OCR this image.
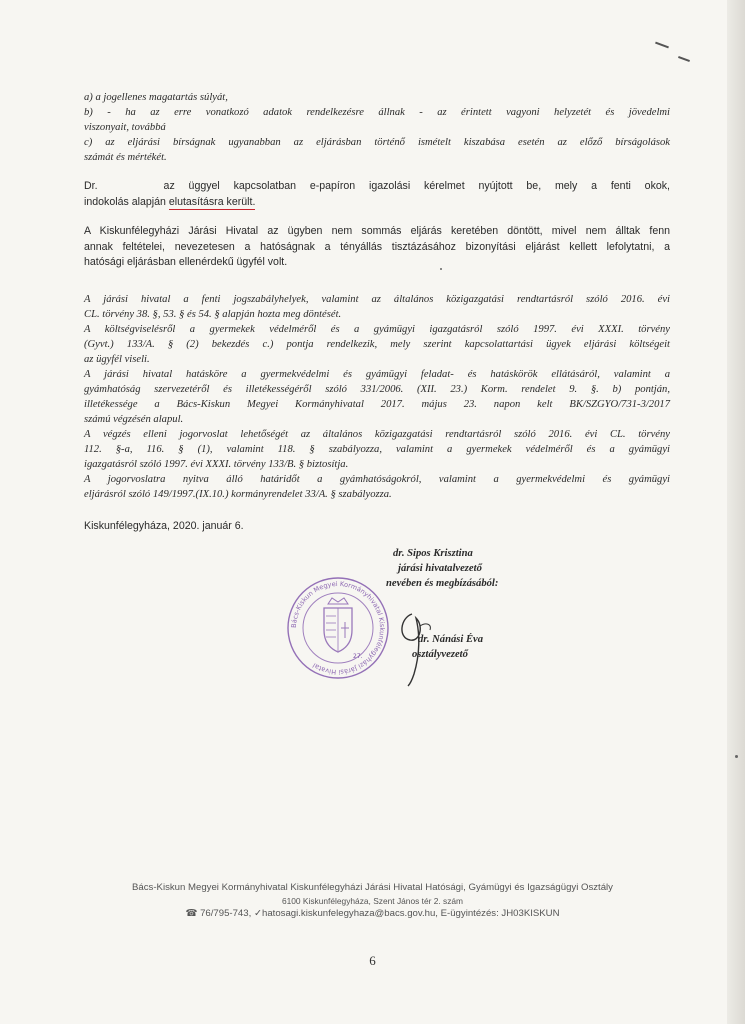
a) a jogellenes magatartás súlyát,
b) - ha az erre vonatkozó adatok rendelkezésre állnak - az érintett vagyoni helyzetét és jövedelmi
viszonyait, továbbá
c) az eljárási bírságnak ugyanabban az eljárásban történő ismételt kiszabása esetén az előző bírságolások
számát és mértékét.
Dr.	az üggyel kapcsolatban e-papíron igazolási kérelmet nyújtott be, mely a fenti okok,
indokolás alapján elutasításra került.
A Kiskunfélegyházi Járási Hivatal az ügyben nem sommás eljárás keretében döntött, mivel nem álltak fenn
annak feltételei, nevezetesen a hatóságnak a tényállás tisztázásához bizonyítási eljárást kellett lefolytatni, a
hatósági eljárásban ellenérdekű ügyfél volt.
A járási hivatal a fenti jogszabályhelyek, valamint az általános közigazgatási rendtartásról szóló 2016. évi
CL. törvény 38. §, 53. § és 54. § alapján hozta meg döntését.
A költségviselésről a gyermekek védelméről és a gyámügyi igazgatásról szóló 1997. évi XXXI. törvény
(Gyvt.) 133/A. § (2) bekezdés c.) pontja rendelkezik, mely szerint kapcsolattartási ügyek eljárási költségeit
az ügyfél viseli.
A járási hivatal hatásköre a gyermekvédelmi és gyámügyi feladat- és hatáskörök ellátásáról, valamint a
gyámhatóság szervezetéről és illetékességéről szóló 331/2006. (XII. 23.) Korm. rendelet 9. §. b) pontján,
illetékessége a Bács-Kiskun Megyei Kormányhivatal 2017. május 23. napon kelt BK/SZGYO/731-3/2017
számú végzésén alapul.
A végzés elleni jogorvoslat lehetőségét az általános közigazgatási rendtartásról szóló 2016. évi CL. törvény
112. §-a, 116. § (1), valamint 118. § szabályozza, valamint a gyermekek védelméről és a gyámügyi
igazgatásról szóló 1997. évi XXXI. törvény 133/B. § biztosítja.
A jogorvoslatra nyitva álló határidőt a gyámhatóságokról, valamint a gyermekvédelmi és gyámügyi
eljárásról szóló 149/1997.(IX.10.) kormányrendelet 33/A. § szabályozza.
Kiskunfélegyháza, 2020. január 6.
dr. Sipos Krisztina
járási hivatalvezető
nevében és megbízásából:
Bács-Kiskun Megyei Kormányhivatal Kiskunfélegyházi Járási Hivatal
27.
dr. Nánási Éva
osztályvezető
Bács-Kiskun Megyei Kormányhivatal Kiskunfélegyházi Járási Hivatal Hatósági, Gyámügyi és Igazságügyi Osztály
6100 Kiskunfélegyháza, Szent János tér 2. szám
☎ 76/795-743, ✓hatosagi.kiskunfelegyhaza@bacs.gov.hu, E-ügyintézés: JH03KISKUN
6
